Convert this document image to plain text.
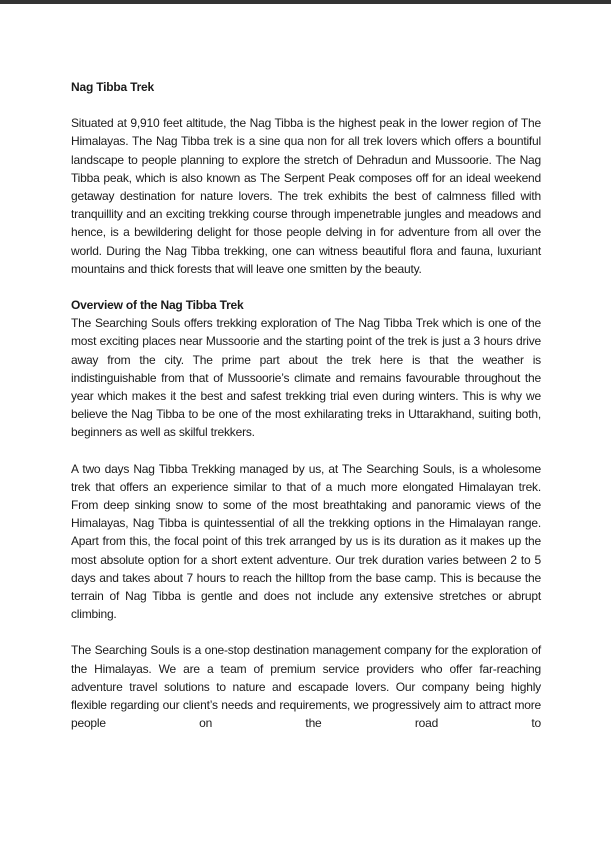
Nag Tibba Trek

Situated at 9,910 feet altitude, the Nag Tibba is the highest peak in the lower region of The Himalayas. The Nag Tibba trek is a sine qua non for all trek lovers which offers a bountiful landscape to people planning to explore the stretch of Dehradun and Mussoorie. The Nag Tibba peak, which is also known as The Serpent Peak composes off for an ideal weekend getaway destination for nature lovers. The trek exhibits the best of calmness filled with tranquillity and an exciting trekking course through impenetrable jungles and meadows and hence, is a bewildering delight for those people delving in for adventure from all over the world. During the Nag Tibba trekking, one can witness beautiful flora and fauna, luxuriant mountains and thick forests that will leave one smitten by the beauty.

Overview of the Nag Tibba Trek

The Searching Souls offers trekking exploration of The Nag Tibba Trek which is one of the most exciting places near Mussoorie and the starting point of the trek is just a 3 hours drive away from the city. The prime part about the trek here is that the weather is indistinguishable from that of Mussoorie’s climate and remains favourable throughout the year which makes it the best and safest trekking trial even during winters. This is why we believe the Nag Tibba to be one of the most exhilarating treks in Uttarakhand, suiting both, beginners as well as skilful trekkers.

A two days Nag Tibba Trekking managed by us, at The Searching Souls, is a wholesome trek that offers an experience similar to that of a much more elongated Himalayan trek. From deep sinking snow to some of the most breathtaking and panoramic views of the Himalayas, Nag Tibba is quintessential of all the trekking options in the Himalayan range. Apart from this, the focal point of this trek arranged by us is its duration as it makes up the most absolute option for a short extent adventure. Our trek duration varies between 2 to 5 days and takes about 7 hours to reach the hilltop from the base camp. This is because the terrain of Nag Tibba is gentle and does not include any extensive stretches or abrupt climbing.

The Searching Souls is a one-stop destination management company for the exploration of the Himalayas. We are a team of premium service providers who offer far-reaching adventure travel solutions to nature and escapade lovers. Our company being highly flexible regarding our client’s needs and requirements, we progressively aim to attract more people on the road to
